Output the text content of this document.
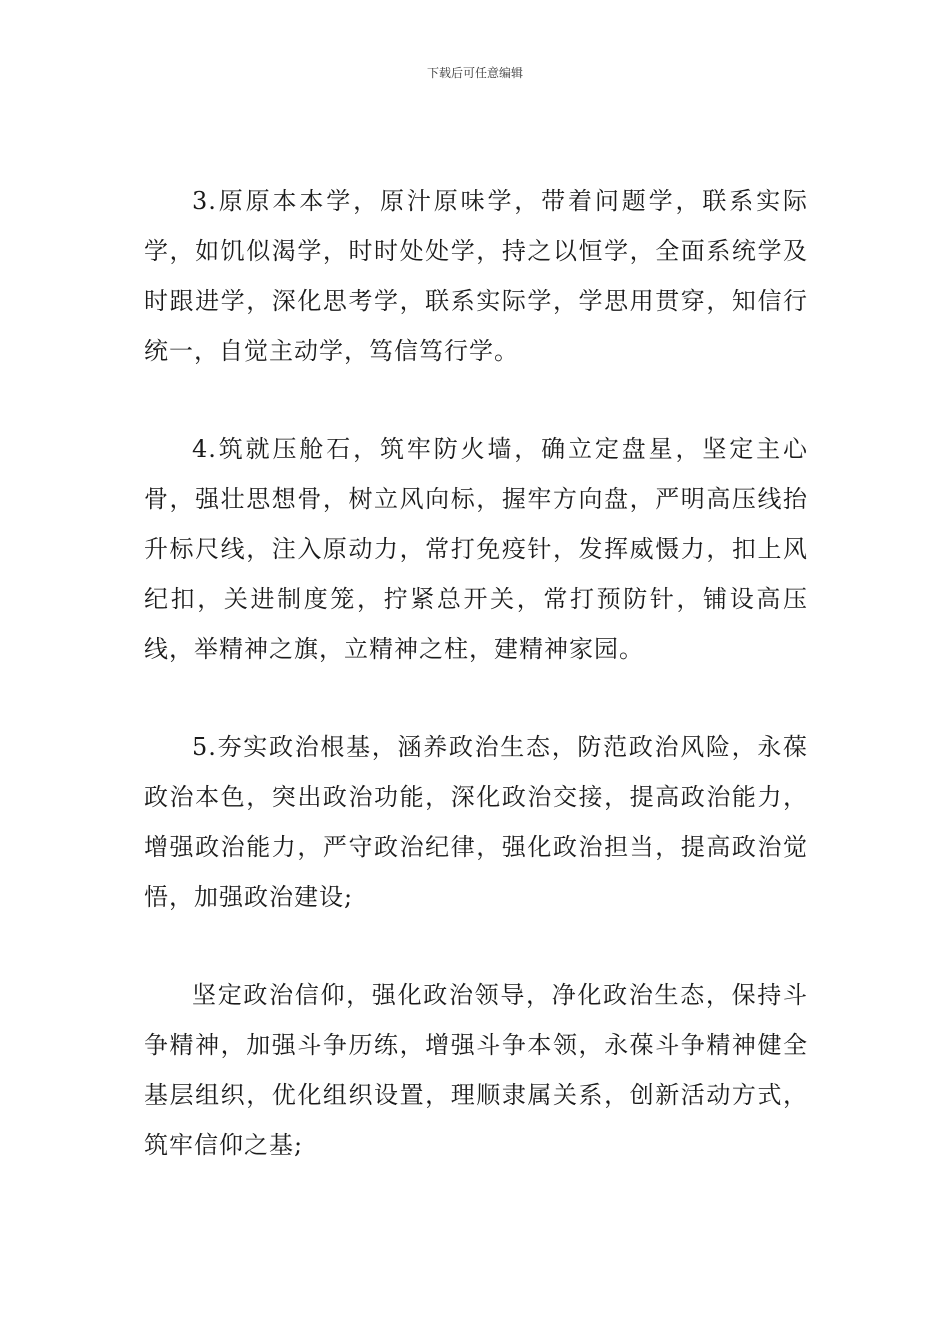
下载后可任意编辑

3.原原本本学，原汁原味学，带着问题学，联系实际学，如饥似渴学，时时处处学，持之以恒学，全面系统学及时跟进学，深化思考学，联系实际学，学思用贯穿，知信行统一，自觉主动学，笃信笃行学。

4.筑就压舱石，筑牢防火墙，确立定盘星，坚定主心骨，强壮思想骨，树立风向标，握牢方向盘，严明高压线抬升标尺线，注入原动力，常打免疫针，发挥威慑力，扣上风纪扣，关进制度笼，拧紧总开关，常打预防针，铺设高压线，举精神之旗，立精神之柱，建精神家园。

5.夯实政治根基，涵养政治生态，防范政治风险，永葆政治本色，突出政治功能，深化政治交接，提高政治能力，增强政治能力，严守政治纪律，强化政治担当，提高政治觉悟，加强政治建设;

坚定政治信仰，强化政治领导，净化政治生态，保持斗争精神，加强斗争历练，增强斗争本领，永葆斗争精神健全基层组织，优化组织设置，理顺隶属关系，创新活动方式，筑牢信仰之基;
